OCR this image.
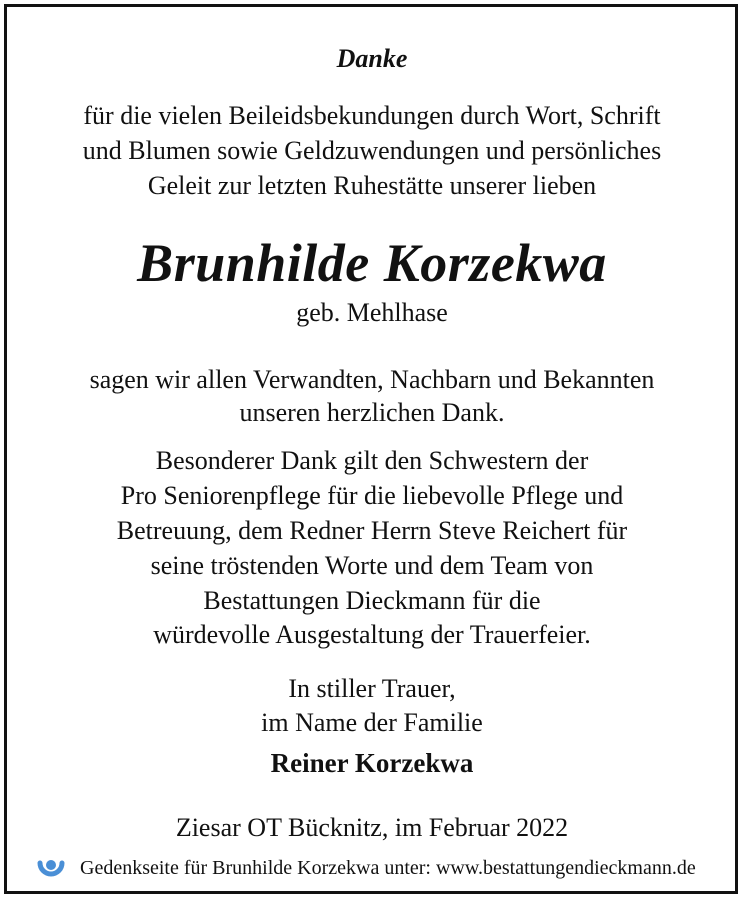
Danke
für die vielen Beileidsbekundungen durch Wort, Schrift
und Blumen sowie Geldzuwendungen und persönliches
Geleit zur letzten Ruhestätte unserer lieben
Brunhilde Korzekwa
geb. Mehlhase
sagen wir allen Verwandten, Nachbarn und Bekannten
unseren herzlichen Dank.
Besonderer Dank gilt den Schwestern der
Pro Seniorenpflege für die liebevolle Pflege und
Betreuung, dem Redner Herrn Steve Reichert für
seine tröstenden Worte und dem Team von
Bestattungen Dieckmann für die
würdevolle Ausgestaltung der Trauerfeier.
In stiller Trauer,
im Name der Familie
Reiner Korzekwa
Ziesar OT Bücknitz, im Februar 2022
Gedenkseite für Brunhilde Korzekwa unter: www.bestattungendieckmann.de
